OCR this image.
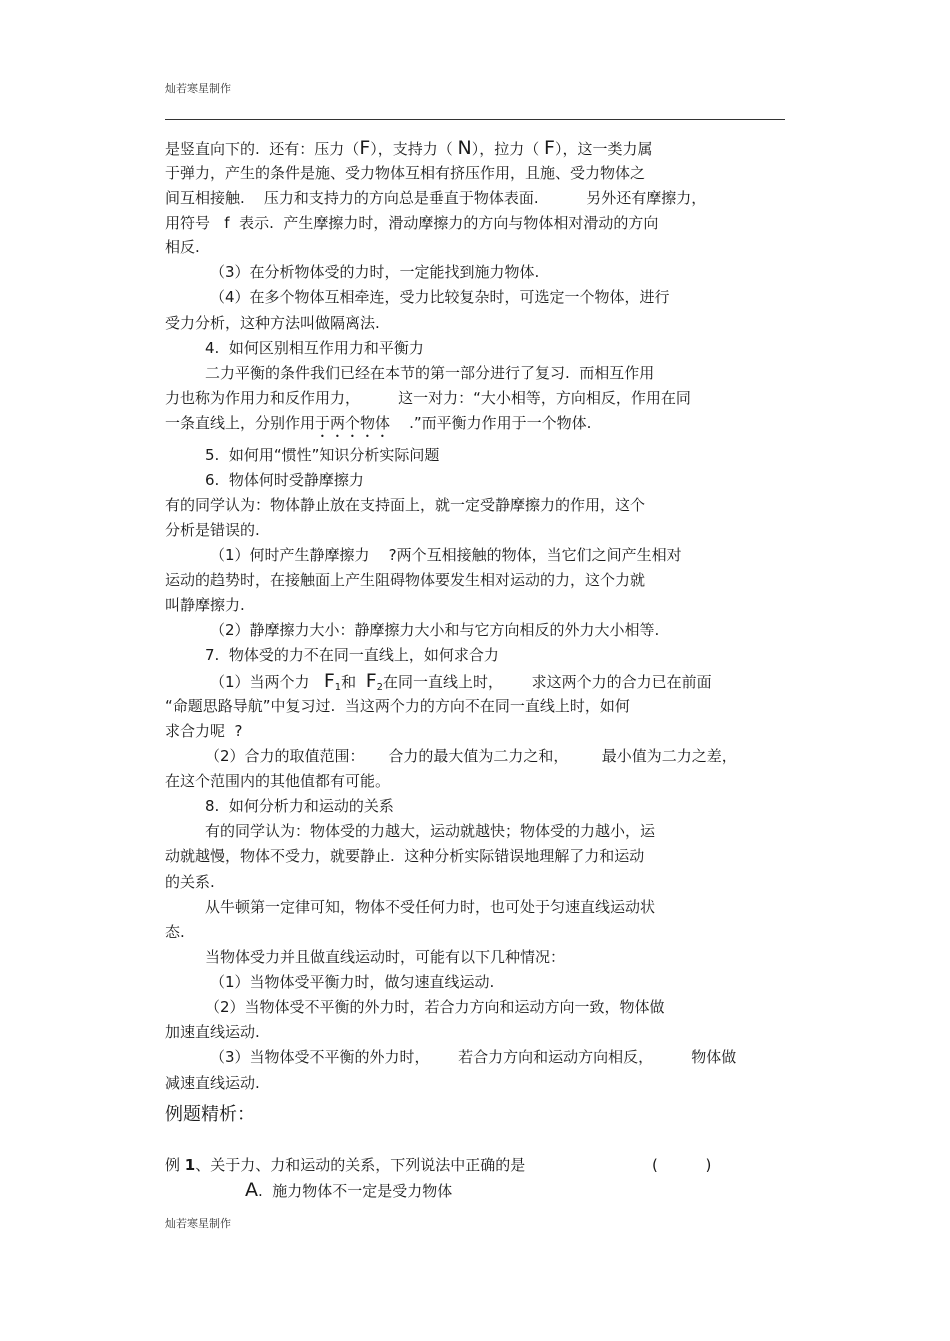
灿若寒星制作
是竖直向下的.  还有：压力（F），支持力（ N），拉力（ F），这一类力属
于弹力，产生的条件是施、受力物体互相有挤压作用，且施、受力物体之
间互相接触.    压力和支持力的方向总是垂直于物体表面.          另外还有摩擦力，
用符号   f  表示.  产生摩擦力时，滑动摩擦力的方向与物体相对滑动的方向
相反.
（3）在分析物体受的力时，一定能找到施力物体.
（4）在多个物体互相牵连，受力比较复杂时，可选定一个物体，进行
受力分析，这种方法叫做隔离法.
4.  如何区别相互作用力和平衡力
二力平衡的条件我们已经在本节的第一部分进行了复习.  而相互作用
力也称为作用力和反作用力，        这一对力：“大小相等，方向相反，作用在同
一条直线上，分别作用于两个物体    .”而平衡力作用于一个物体.
5.  如何用“惯性”知识分析实际问题
6.  物体何时受静摩擦力
有的同学认为：物体静止放在支持面上，就一定受静摩擦力的作用，这个
分析是错误的.
（1）何时产生静摩擦力    ?两个互相接触的物体，当它们之间产生相对
运动的趋势时，在接触面上产生阻碍物体要发生相对运动的力，这个力就
叫静摩擦力.
（2）静摩擦力大小：静摩擦力大小和与它方向相反的外力大小相等.
7.  物体受的力不在同一直线上，如何求合力
（1）当两个力   $F_1$和  $F_2$在同一直线上时，      求这两个力的合力已在前面
“命题思路导航”中复习过.  当这两个力的方向不在同一直线上时，如何
求合力呢  ?
（2）合力的取值范围：     合力的最大值为二力之和，       最小值为二力之差，
在这个范围内的其他值都有可能。
8.  如何分析力和运动的关系
有的同学认为：物体受的力越大，运动就越快；物体受的力越小，运
动就越慢，物体不受力，就要静止.  这种分析实际错误地理解了力和运动
的关系.
从牛顿第一定律可知，物体不受任何力时，也可处于匀速直线运动状
态.
当物体受力并且做直线运动时，可能有以下几种情况：
（1）当物体受平衡力时，做匀速直线运动.
（2）当物体受不平衡的外力时，若合力方向和运动方向一致，物体做
加速直线运动.
（3）当物体受不平衡的外力时，      若合力方向和运动方向相反，        物体做
减速直线运动.
例题精析：
例 1、关于力、力和运动的关系，下列说法中正确的是	(          )
A.  施力物体不一定是受力物体
灿若寒星制作
